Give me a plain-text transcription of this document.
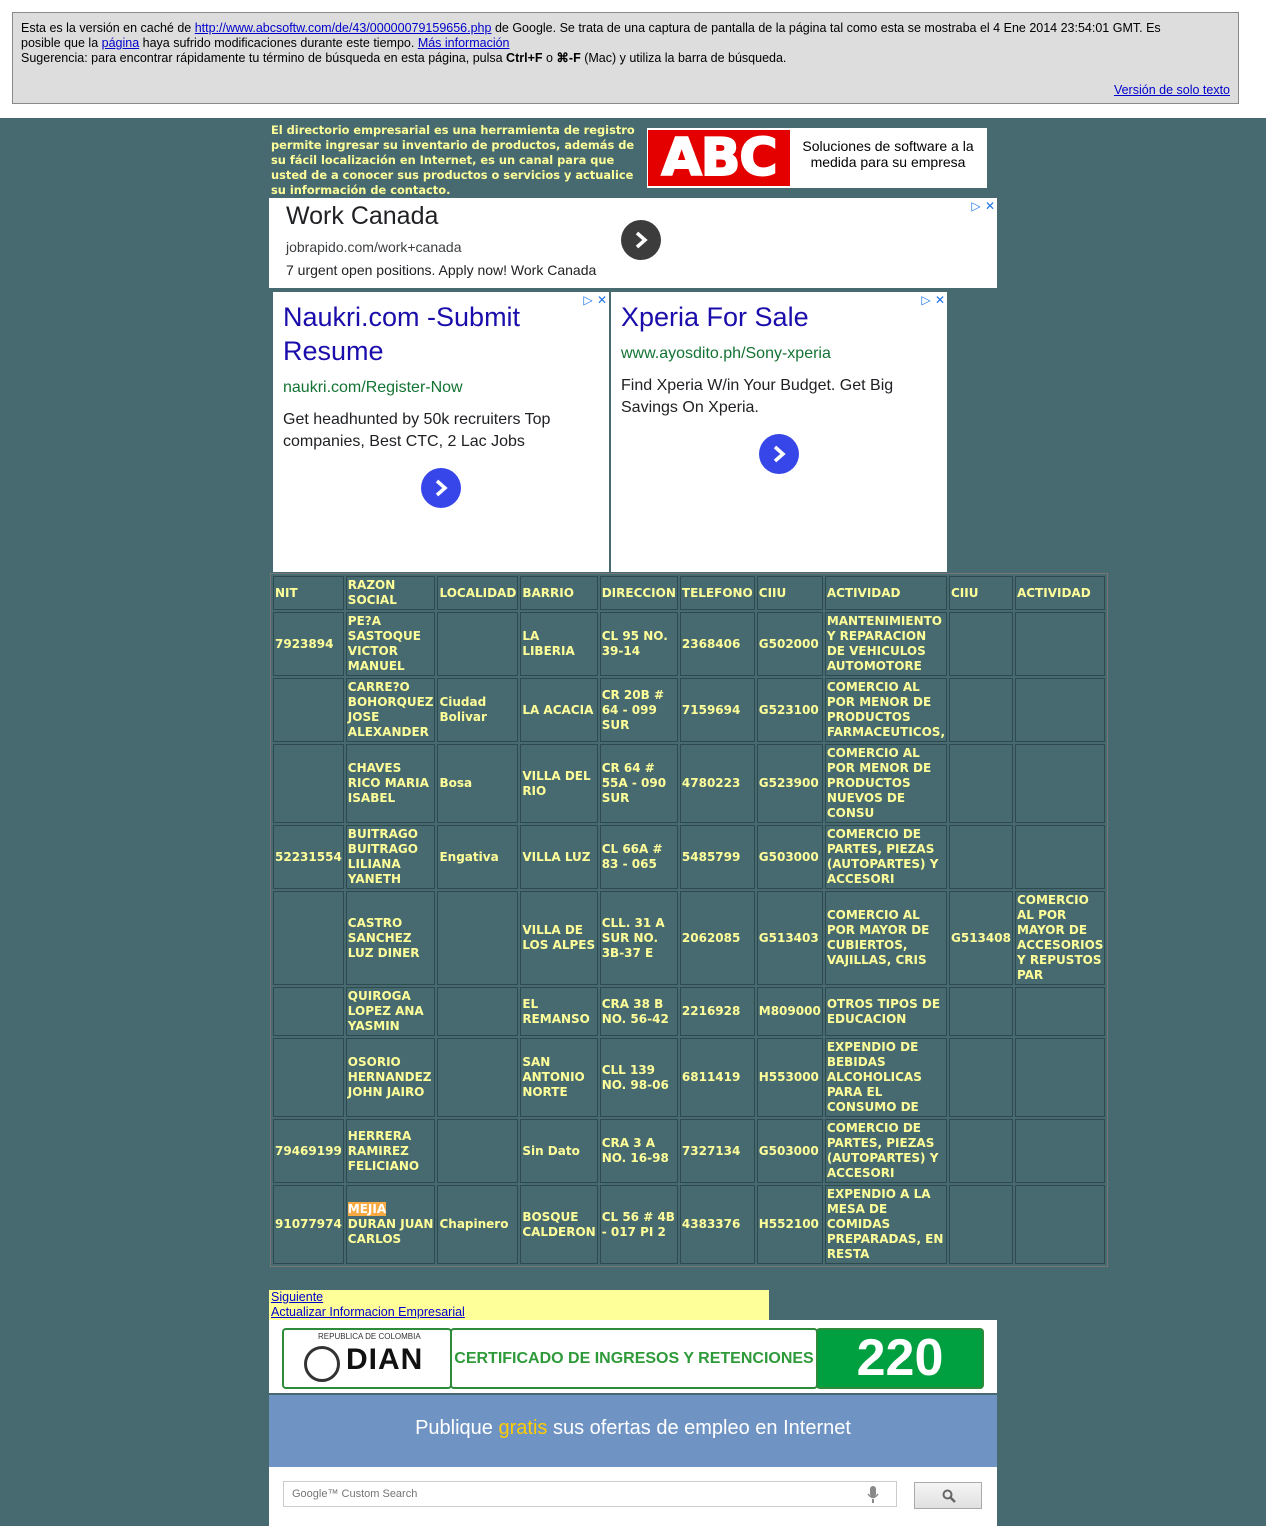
Esta es la versión en caché de http://www.abcsoftw.com/de/43/00000079159656.php de Google. Se trata de una captura de pantalla de la página tal como esta se mostraba el 4 Ene 2014 23:54:01 GMT. Es
posible que la página haya sufrido modificaciones durante este tiempo. Más información
Sugerencia: para encontrar rápidamente tu término de búsqueda en esta página, pulsa Ctrl+F o ⌘-F (Mac) y utiliza la barra de búsqueda.
Versión de solo texto
El directorio empresarial es una herramienta de registro permite ingresar su inventario de productos, además de su fácil localización en Internet, es un canal para que usted de a conocer sus productos o servicios y actualice su información de contacto.
ABC	Soluciones de software a la medida para su empresa
▷ ✕
Work Canada
jobrapido.com/work+canada
7 urgent open positions. Apply now! Work Canada
▷ ✕
Naukri.com -Submit Resume
naukri.com/Register-Now
Get headhunted by 50k recruiters Top companies, Best CTC, 2 Lac Jobs
▷ ✕
Xperia For Sale
www.ayosdito.ph/Sony-xperia
Find Xperia W/in Your Budget. Get Big Savings On Xperia.
NIT	RAZON SOCIAL	LOCALIDAD	BARRIO	DIRECCION	TELEFONO	CIIU	ACTIVIDAD	CIIU	ACTIVIDAD
7923894	PE?A SASTOQUE VICTOR MANUEL		LA LIBERIA	CL 95 NO. 39-14	2368406	G502000	MANTENIMIENTO Y REPARACION DE VEHICULOS AUTOMOTORE		
	CARRE?O BOHORQUEZ JOSE ALEXANDER	Ciudad Bolivar	LA ACACIA	CR 20B # 64 - 099 SUR	7159694	G523100	COMERCIO AL POR MENOR DE PRODUCTOS FARMACEUTICOS,		
	CHAVES RICO MARIA ISABEL	Bosa	VILLA DEL RIO	CR 64 # 55A - 090 SUR	4780223	G523900	COMERCIO AL POR MENOR DE PRODUCTOS NUEVOS DE CONSU		
52231554	BUITRAGO BUITRAGO LILIANA YANETH	Engativa	VILLA LUZ	CL 66A # 83 - 065	5485799	G503000	COMERCIO DE PARTES, PIEZAS (AUTOPARTES) Y ACCESORI		
	CASTRO SANCHEZ LUZ DINER		VILLA DE LOS ALPES	CLL. 31 A SUR NO. 3B-37 E	2062085	G513403	COMERCIO AL POR MAYOR DE CUBIERTOS, VAJILLAS, CRIS	G513408	COMERCIO AL POR MAYOR DE ACCESORIOS Y REPUSTOS PAR
	QUIROGA LOPEZ ANA YASMIN		EL REMANSO	CRA 38 B NO. 56-42	2216928	M809000	OTROS TIPOS DE EDUCACION		
	OSORIO HERNANDEZ JOHN JAIRO		SAN ANTONIO NORTE	CLL 139 NO. 98-06	6811419	H553000	EXPENDIO DE BEBIDAS ALCOHOLICAS PARA EL CONSUMO DE		
79469199	HERRERA RAMIREZ FELICIANO		Sin Dato	CRA 3 A NO. 16-98	7327134	G503000	COMERCIO DE PARTES, PIEZAS (AUTOPARTES) Y ACCESORI		
91077974	MEJIA DURAN JUAN CARLOS	Chapinero	BOSQUE CALDERON	CL 56 # 4B - 017 PI 2	4383376	H552100	EXPENDIO A LA MESA DE COMIDAS PREPARADAS, EN RESTA		
Siguiente
Actualizar Informacion Empresarial
REPUBLICA DE COLOMBIA
DIAN CERTIFICADO DE INGRESOS Y RETENCIONES 220
Publique gratis sus ofertas de empleo en Internet
Google™ Custom Search
